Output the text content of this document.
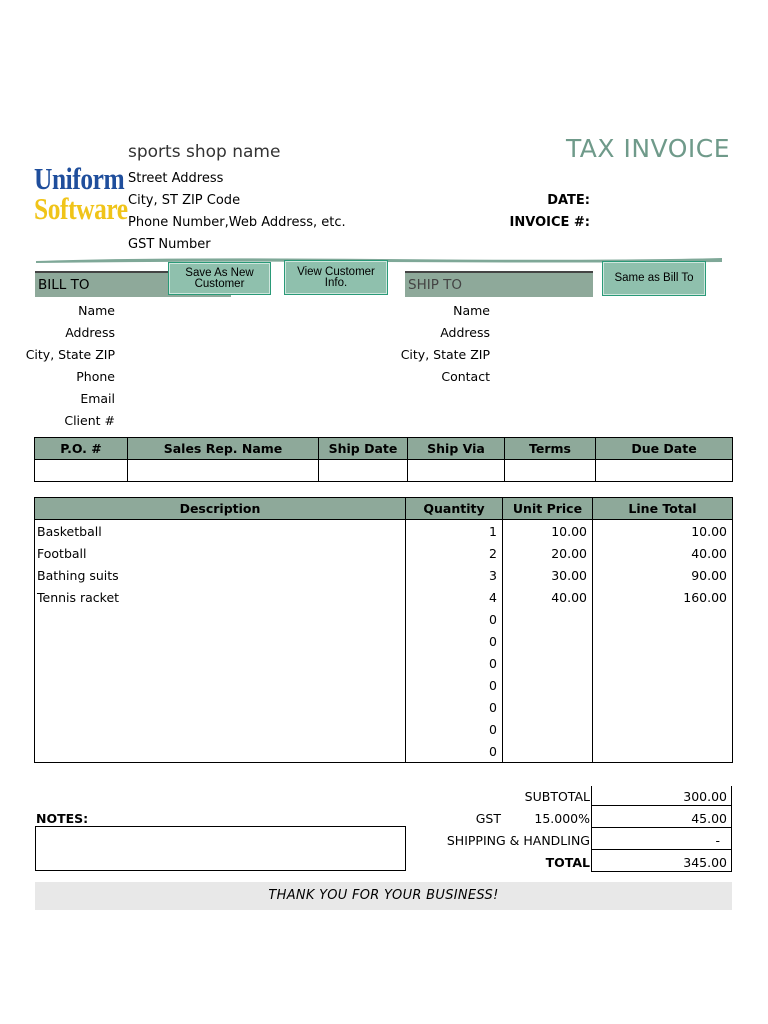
Uniform
Software
sports shop name
Street Address
City, ST ZIP Code
Phone Number,Web Address, etc.
GST Number
TAX INVOICE
DATE:
INVOICE #:
BILL TO	SHIP TO
Save As New
Customer
View Customer
Info.	Same as Bill To
Name
Address
City, State ZIP
Phone
Email
Client #
Name
Address
City, State ZIP
Contact
P.O. #	Sales Rep. Name	Ship Date	Ship Via	Terms	Due Date

Description	Quantity	Unit Price	Line Total
Basketball	1	10.00	10.00
Football	2	20.00	40.00
Bathing suits	3	30.00	90.00
Tennis racket	4	40.00	160.00
	0		
	0		
	0		
	0		
	0		
	0		
	0		
SUBTOTAL	300.00
GST	15.000%	45.00
SHIPPING & HANDLING	-
TOTAL	345.00
NOTES:
THANK YOU FOR YOUR BUSINESS!
